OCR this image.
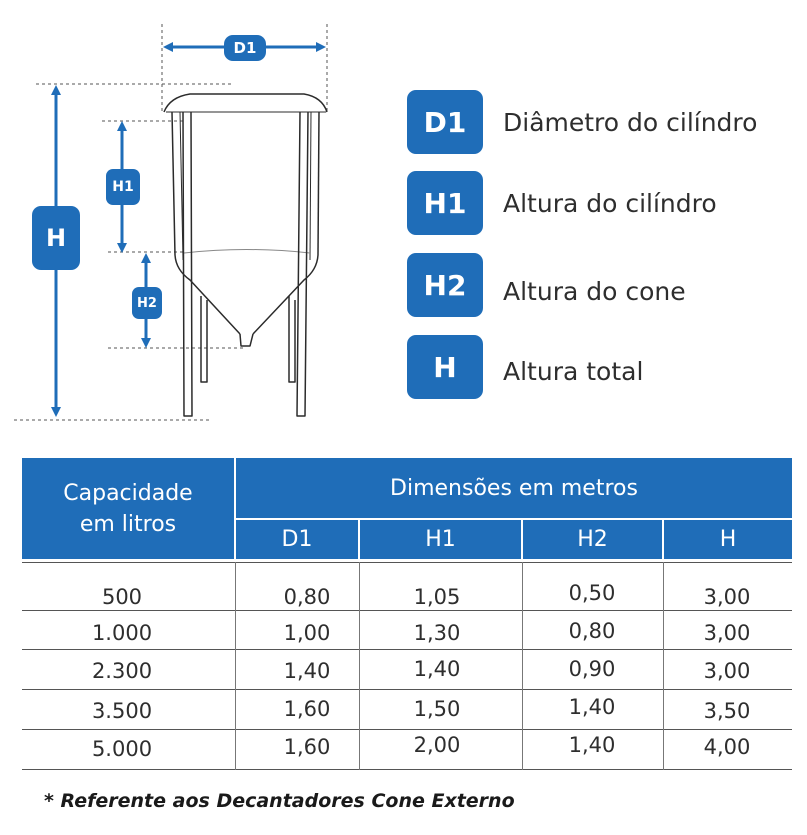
D1
H
H1
H2
D1	Diâmetro do cilíndro
H1	Altura do cilíndro
H2	Altura do cone
H	Altura total
Capacidade
em litros
Dimensões em metros
D1	H1	H2	H
500	0,80	1,05	0,50	3,00
1.000	1,00	1,30	0,80	3,00
2.300	1,40	1,40	0,90	3,00
3.500	1,60	1,50	1,40	3,50
5.000	1,60	2,00	1,40	4,00
* Referente aos Decantadores Cone Externo
